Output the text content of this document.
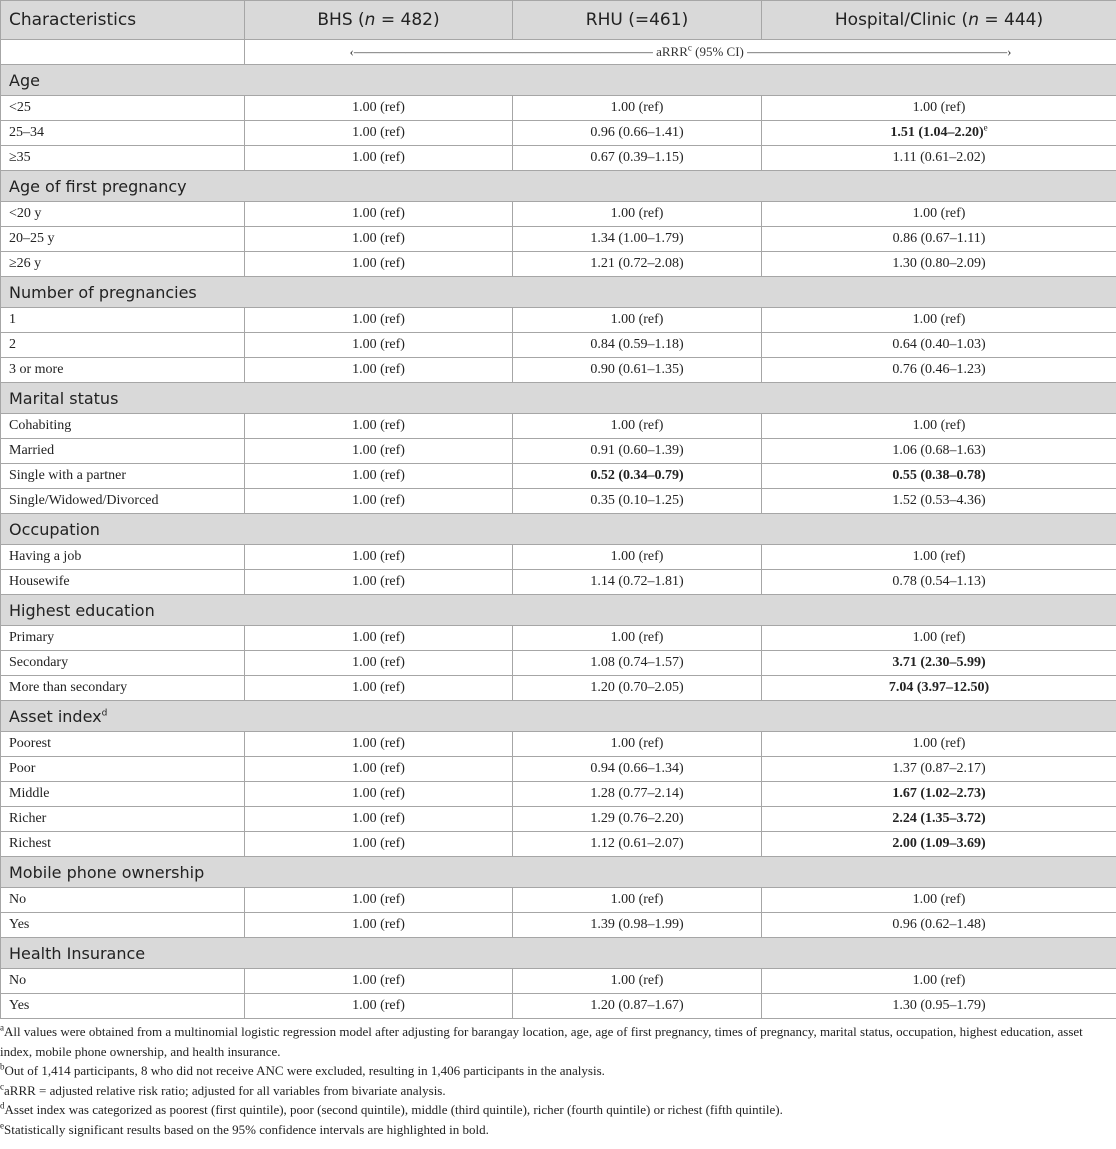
Characteristics	BHS (n = 482)	RHU (=461)	Hospital/Clinic (n = 444)
	‹——————————————————————— aRRR$^c$ (95% CI) ————————————————————›		
Age			
<25	1.00 (ref)	1.00 (ref)	1.00 (ref)
25–34	1.00 (ref)	0.96 (0.66–1.41)	1.51 $(1.04-2.20)^e$
≥35	1.00 (ref)	0.67 (0.39–1.15)	1.11 (0.61–2.02)
Age of first pregnancy			
<20 y	1.00 (ref)	1.00 (ref)	1.00 (ref)
20–25 y	1.00 (ref)	1.34 (1.00–1.79)	0.86 (0.67–1.11)
≥26 y	1.00 (ref)	1.21 (0.72–2.08)	1.30 (0.80–2.09)
Number of pregnancies			
1	1.00 (ref)	1.00 (ref)	1.00 (ref)
2	1.00 (ref)	0.84 (0.59–1.18)	0.64 (0.40–1.03)
3 or more	1.00 (ref)	0.90 (0.61–1.35)	0.76 (0.46–1.23)
Marital status			
Cohabiting	1.00 (ref)	1.00 (ref)	1.00 (ref)
Married	1.00 (ref)	0.91 (0.60–1.39)	1.06 (0.68–1.63)
Single with a partner	1.00 (ref)	0.52 (0.34–0.79)	0.55 (0.38–0.78)
Single/Widowed/Divorced	1.00 (ref)	0.35 (0.10–1.25)	1.52 (0.53–4.36)
Occupation			
Having a job	1.00 (ref)	1.00 (ref)	1.00 (ref)
Housewife	1.00 (ref)	1.14 (0.72–1.81)	0.78 (0.54–1.13)
Highest education			
Primary	1.00 (ref)	1.00 (ref)	1.00 (ref)
Secondary	1.00 (ref)	1.08 (0.74–1.57)	3.71 (2.30–5.99)
More than secondary	1.00 (ref)	1.20 (0.70–2.05)	7.04 (3.97–12.50)
Asset index$^d$
Poorest	1.00 (ref)	1.00 (ref)	1.00 (ref)
Poor	1.00 (ref)	0.94 (0.66–1.34)	1.37 (0.87–2.17)
Middle	1.00 (ref)	1.28 (0.77–2.14)	1.67 (1.02–2.73)
Richer	1.00 (ref)	1.29 (0.76–2.20)	2.24 (1.35–3.72)
Richest	1.00 (ref)	1.12 (0.61–2.07)	2.00 (1.09–3.69)
Mobile phone ownership			
No	1.00 (ref)	1.00 (ref)	1.00 (ref)
Yes	1.00 (ref)	1.39 (0.98–1.99)	0.96 (0.62–1.48)
Health Insurance			
No	1.00 (ref)	1.00 (ref)	1.00 (ref)
Yes	1.00 (ref)	1.20 (0.87–1.67)	1.30 (0.95–1.79)

$^a$All values were obtained from a multinomial logistic regression model after adjusting for barangay location, age, age of first pregnancy, times of pregnancy, marital status, occupation, highest education, asset index, mobile phone ownership, and health insurance.

$^b$Out of 1,414 participants, 8 who did not receive ANC were excluded, resulting in 1,406 participants in the analysis.

$^c$aRRR = adjusted relative risk ratio; adjusted for all variables from bivariate analysis.

$^d$Asset index was categorized as poorest (first quintile), poor (second quintile), middle (third quintile), richer (fourth quintile) or richest (fifth quintile).

$^e$Statistically significant results based on the 95% confidence intervals are highlighted in bold.
